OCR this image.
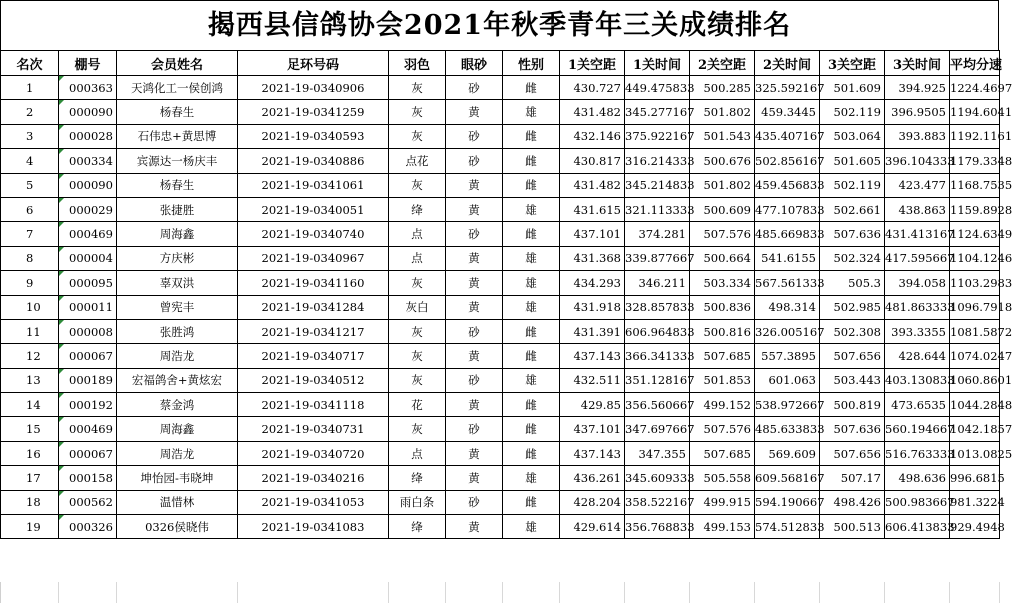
揭西县信鸽协会2021年秋季青年三关成绩排名
名次	棚号	会员姓名	足环号码	羽色	眼砂	性别	1关空距	1关时间	2关空距	2关时间	3关空距	3关时间	平均分速
1	000363	天鸿化工一侯创鸿	2021-19-0340906	灰	砂	雌	430.727	449.475833	500.285	325.592167	501.609	394.925	1224.4697
2	000090	杨春生	2021-19-0341259	灰	黄	雄	431.482	345.277167	501.802	459.3445	502.119	396.9505	1194.6041
3	000028	石伟忠+黄思博	2021-19-0340593	灰	砂	雌	432.146	375.922167	501.543	435.407167	503.064	393.883	1192.1161
4	000334	宾源达一杨庆丰	2021-19-0340886	点花	砂	雌	430.817	316.214333	500.676	502.856167	501.605	396.104333	1179.3348
5	000090	杨春生	2021-19-0341061	灰	黄	雌	431.482	345.214833	501.802	459.456833	502.119	423.477	1168.7535
6	000029	张捷胜	2021-19-0340051	绛	黄	雄	431.615	321.113333	500.609	477.107833	502.661	438.863	1159.8928
7	000469	周海鑫	2021-19-0340740	点	砂	雌	437.101	374.281	507.576	485.669833	507.636	431.413167	1124.6349
8	000004	方庆彬	2021-19-0340967	点	黄	雄	431.368	339.877667	500.664	541.6155	502.324	417.595667	1104.1246
9	000095	辜双洪	2021-19-0341160	灰	黄	雄	434.293	346.211	503.334	567.561333	505.3	394.058	1103.2983
10	000011	曾宪丰	2021-19-0341284	灰白	黄	雄	431.918	328.857833	500.836	498.314	502.985	481.863333	1096.7918
11	000008	张胜鸿	2021-19-0341217	灰	砂	雌	431.391	606.964833	500.816	326.005167	502.308	393.3355	1081.5872
12	000067	周浩龙	2021-19-0340717	灰	黄	雌	437.143	366.341333	507.685	557.3895	507.656	428.644	1074.0247
13	000189	宏福鸽舍+黄炫宏	2021-19-0340512	灰	砂	雄	432.511	351.128167	501.853	601.063	503.443	403.130833	1060.8601
14	000192	蔡金鸿	2021-19-0341118	花	黄	雌	429.85	356.560667	499.152	538.972667	500.819	473.6535	1044.2848
15	000469	周海鑫	2021-19-0340731	灰	砂	雌	437.101	347.697667	507.576	485.633833	507.636	560.194667	1042.1857
16	000067	周浩龙	2021-19-0340720	点	黄	雌	437.143	347.355	507.685	569.609	507.656	516.763333	1013.0825
17	000158	坤怡园-韦晓坤	2021-19-0340216	绛	黄	雄	436.261	345.609333	505.558	609.568167	507.17	498.636	996.6815
18	000562	温惜林	2021-19-0341053	雨白条	砂	雌	428.204	358.522167	499.915	594.190667	498.426	500.983667	981.3224
19	000326	0326侯晓伟	2021-19-0341083	绛	黄	雄	429.614	356.768833	499.153	574.512833	500.513	606.413833	929.4948
